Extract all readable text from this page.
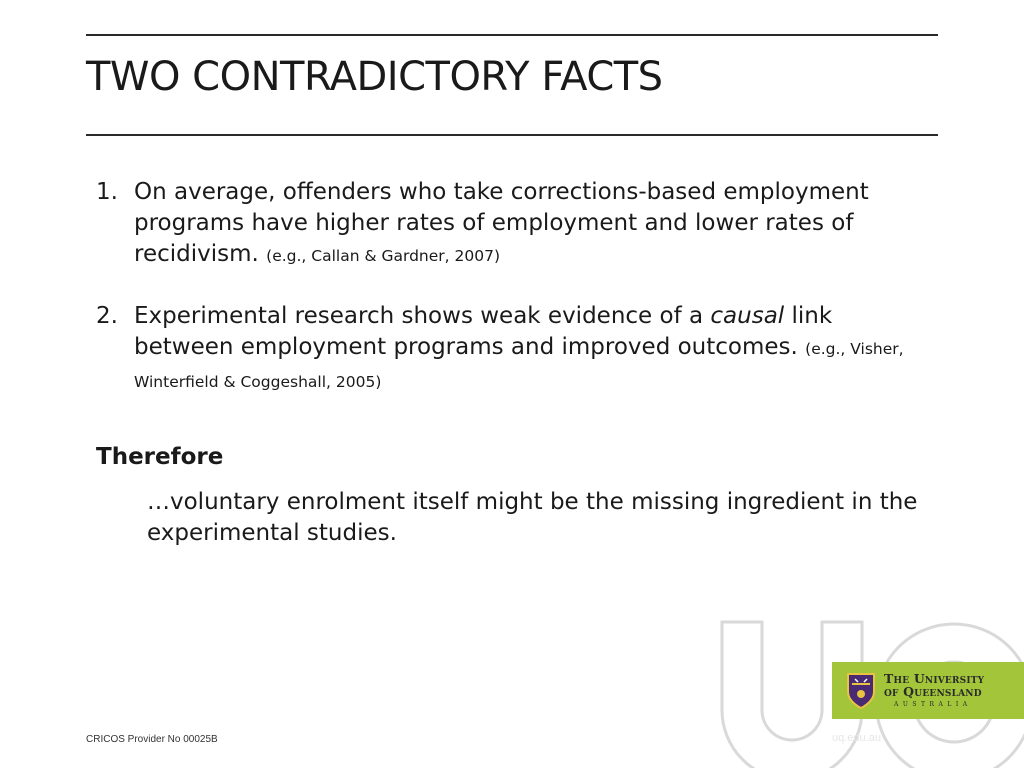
TWO CONTRADICTORY FACTS
1. On average, offenders who take corrections-based employment programs have higher rates of employment and lower rates of recidivism. (e.g., Callan & Gardner, 2007)
2. Experimental research shows weak evidence of a causal link between employment programs and improved outcomes. (e.g., Visher, Winterfield & Coggeshall, 2005)
Therefore
…voluntary enrolment itself might be the missing ingredient in the experimental studies.
CRICOS Provider No 00025B	uq.edu.au
The University
of Queensland
AUSTRALIA
